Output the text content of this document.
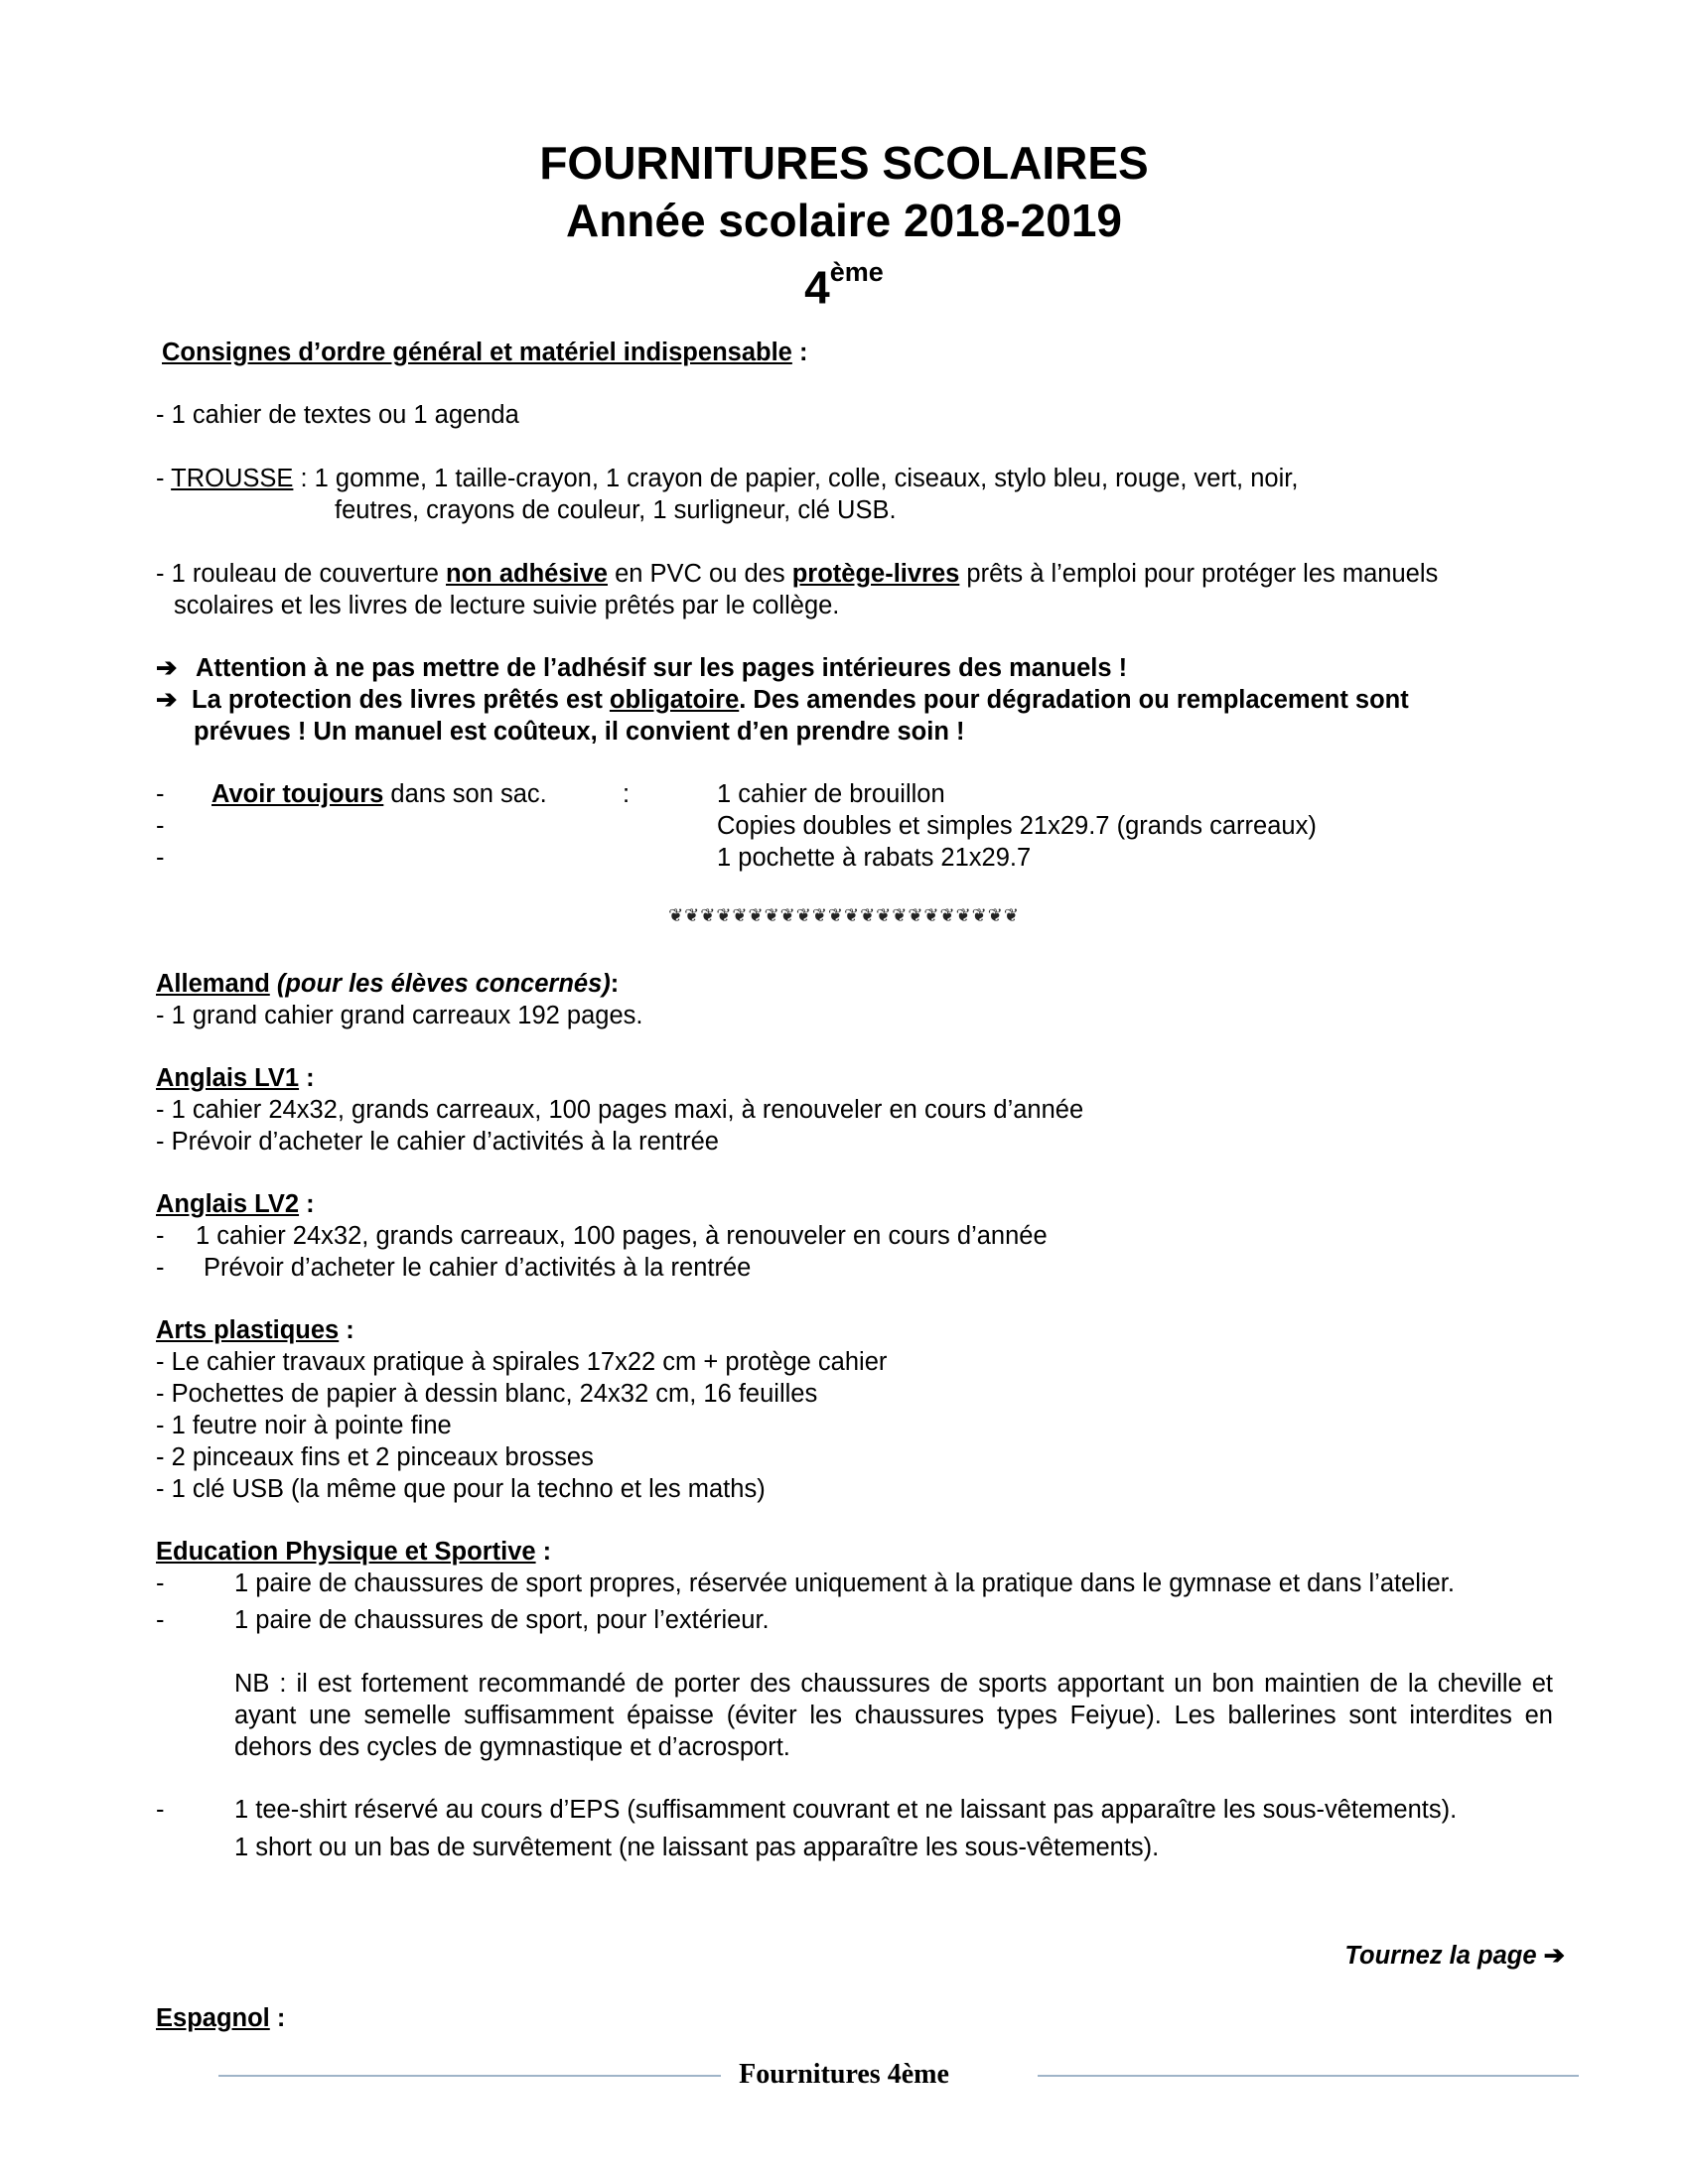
FOURNITURES SCOLAIRES
Année scolaire 2018-2019
4ème
Consignes d’ordre général et matériel indispensable :
- 1 cahier de textes ou 1 agenda
- TROUSSE : 1 gomme, 1 taille-crayon, 1 crayon de papier, colle, ciseaux, stylo bleu, rouge, vert, noir,
feutres, crayons de couleur, 1 surligneur, clé USB.
- 1 rouleau de couverture non adhésive en PVC ou des protège-livres prêts à l’emploi pour protéger les manuels
scolaires et les livres de lecture suivie prêtés par le collège.
➔ Attention à ne pas mettre de l’adhésif sur les pages intérieures des manuels !
➔ La protection des livres prêtés est obligatoire. Des amendes pour dégradation ou remplacement sont
prévues ! Un manuel est coûteux, il convient d’en prendre soin !
- Avoir toujours dans son sac.	:	1 cahier de brouillon
-	Copies doubles et simples 21x29.7 (grands carreaux)
-	1 pochette à rabats 21x29.7
❦❦❦❦❦❦❦❦❦❦❦❦❦❦❦❦❦❦❦❦❦❦
Allemand (pour les élèves concernés):
- 1 grand cahier grand carreaux 192 pages.
Anglais LV1 :
- 1 cahier 24x32, grands carreaux, 100 pages maxi, à renouveler en cours d’année
- Prévoir d’acheter le cahier d’activités à la rentrée
Anglais LV2 :
- 1 cahier 24x32, grands carreaux, 100 pages, à renouveler en cours d’année
- Prévoir d’acheter le cahier d’activités à la rentrée
Arts plastiques :
- Le cahier travaux pratique à spirales 17x22 cm + protège cahier
- Pochettes de papier à dessin blanc, 24x32 cm, 16 feuilles
- 1 feutre noir à pointe fine
- 2 pinceaux fins et 2 pinceaux brosses
- 1 clé USB (la même que pour la techno et les maths)
Education Physique et Sportive :
-	1 paire de chaussures de sport propres, réservée uniquement à la pratique dans le gymnase et dans l’atelier.
-	1 paire de chaussures de sport, pour l’extérieur.
NB : il est fortement recommandé de porter des chaussures de sports apportant un bon maintien de la cheville et ayant une semelle suffisamment épaisse (éviter les chaussures types Feiyue). Les ballerines sont interdites en dehors des cycles de gymnastique et d’acrosport.
-	1 tee-shirt réservé au cours d’EPS (suffisamment couvrant et ne laissant pas apparaître les sous-vêtements).
1 short ou un bas de survêtement (ne laissant pas apparaître les sous-vêtements).
Tournez la page ➔
Espagnol :
Fournitures 4ème
